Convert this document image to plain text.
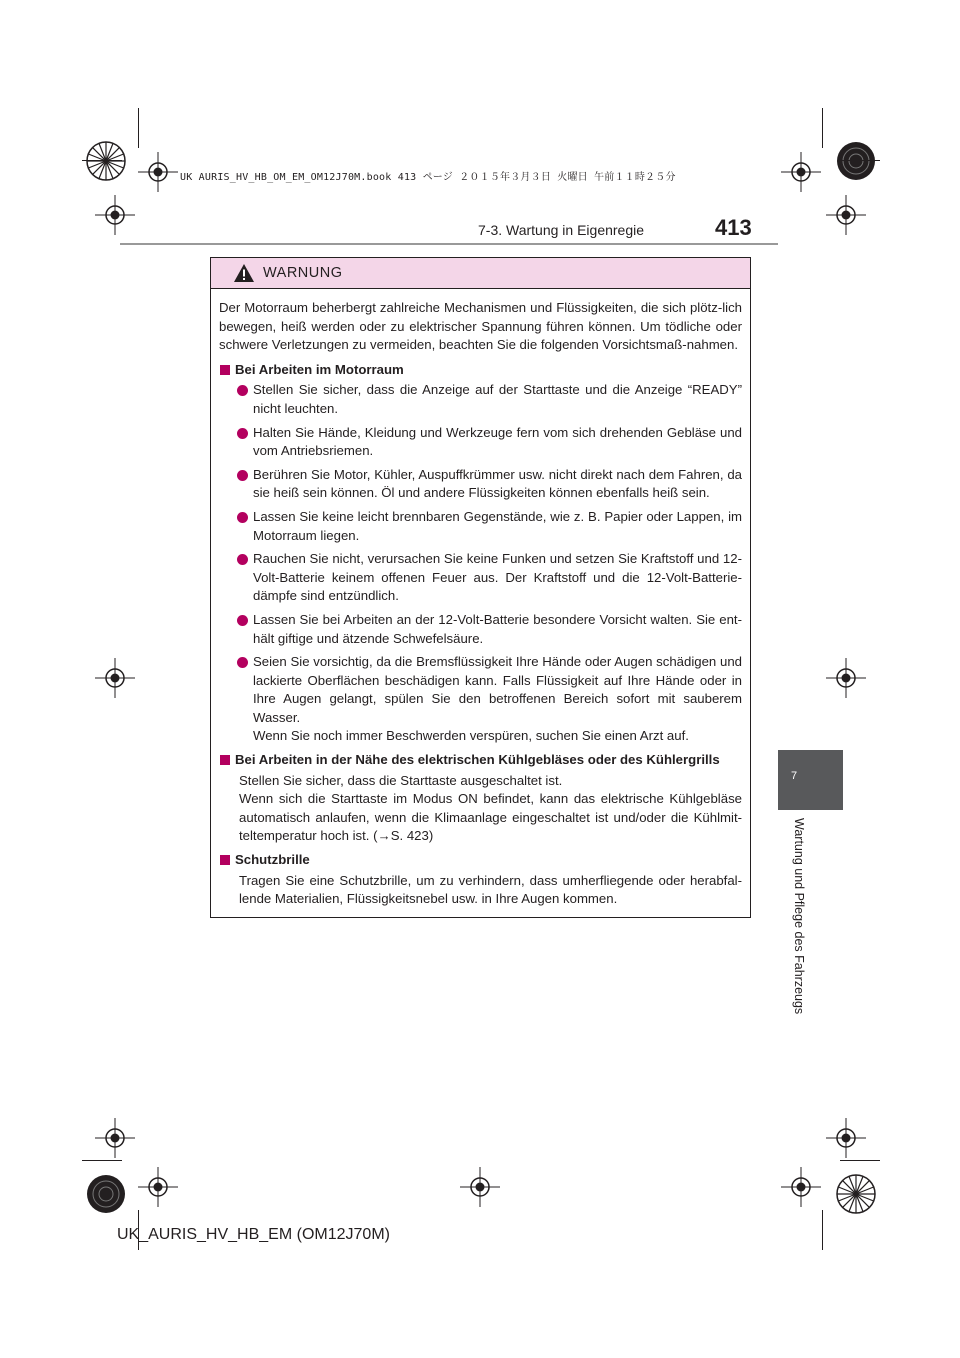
UK AURIS_HV_HB_OM_EM_OM12J70M.book 413 ページ ２０１５年３月３日 火曜日 午前１１時２５分
7-3. Wartung in Eigenregie	413
7
Wartung und Pflege des Fahrzeugs
WARNUNG

Der Motorraum beherbergt zahlreiche Mechanismen und Flüssigkeiten, die sich plötz-lich bewegen, heiß werden oder zu elektrischer Spannung führen können. Um tödliche oder schwere Verletzungen zu vermeiden, beachten Sie die folgenden Vorsichtsmaß-nahmen.

Bei Arbeiten im Motorraum
Stellen Sie sicher, dass die Anzeige auf der Starttaste und die Anzeige “READY” nicht leuchten.
Halten Sie Hände, Kleidung und Werkzeuge fern vom sich drehenden Gebläse und vom Antriebsriemen.
Berühren Sie Motor, Kühler, Auspuffkrümmer usw. nicht direkt nach dem Fahren, da sie heiß sein können. Öl und andere Flüssigkeiten können ebenfalls heiß sein.
Lassen Sie keine leicht brennbaren Gegenstände, wie z. B. Papier oder Lappen, im Motorraum liegen.
Rauchen Sie nicht, verursachen Sie keine Funken und setzen Sie Kraftstoff und 12-Volt-Batterie keinem offenen Feuer aus. Der Kraftstoff und die 12-Volt-Batterie-dämpfe sind entzündlich.
Lassen Sie bei Arbeiten an der 12-Volt-Batterie besondere Vorsicht walten. Sie ent-hält giftige und ätzende Schwefelsäure.
Seien Sie vorsichtig, da die Bremsflüssigkeit Ihre Hände oder Augen schädigen und lackierte Oberflächen beschädigen kann. Falls Flüssigkeit auf Ihre Hände oder in Ihre Augen gelangt, spülen Sie den betroffenen Bereich sofort mit sauberem Wasser.
Wenn Sie noch immer Beschwerden verspüren, suchen Sie einen Arzt auf.
Bei Arbeiten in der Nähe des elektrischen Kühlgebläses oder des Kühlergrills
Stellen Sie sicher, dass die Starttaste ausgeschaltet ist.
Wenn sich die Starttaste im Modus ON befindet, kann das elektrische Kühlgebläse automatisch anlaufen, wenn die Klimaanlage eingeschaltet ist und/oder die Kühlmit-teltemperatur hoch ist. (→S. 423)
Schutzbrille
Tragen Sie eine Schutzbrille, um zu verhindern, dass umherfliegende oder herabfal-lende Materialien, Flüssigkeitsnebel usw. in Ihre Augen kommen.
UK_AURIS_HV_HB_EM (OM12J70M)
